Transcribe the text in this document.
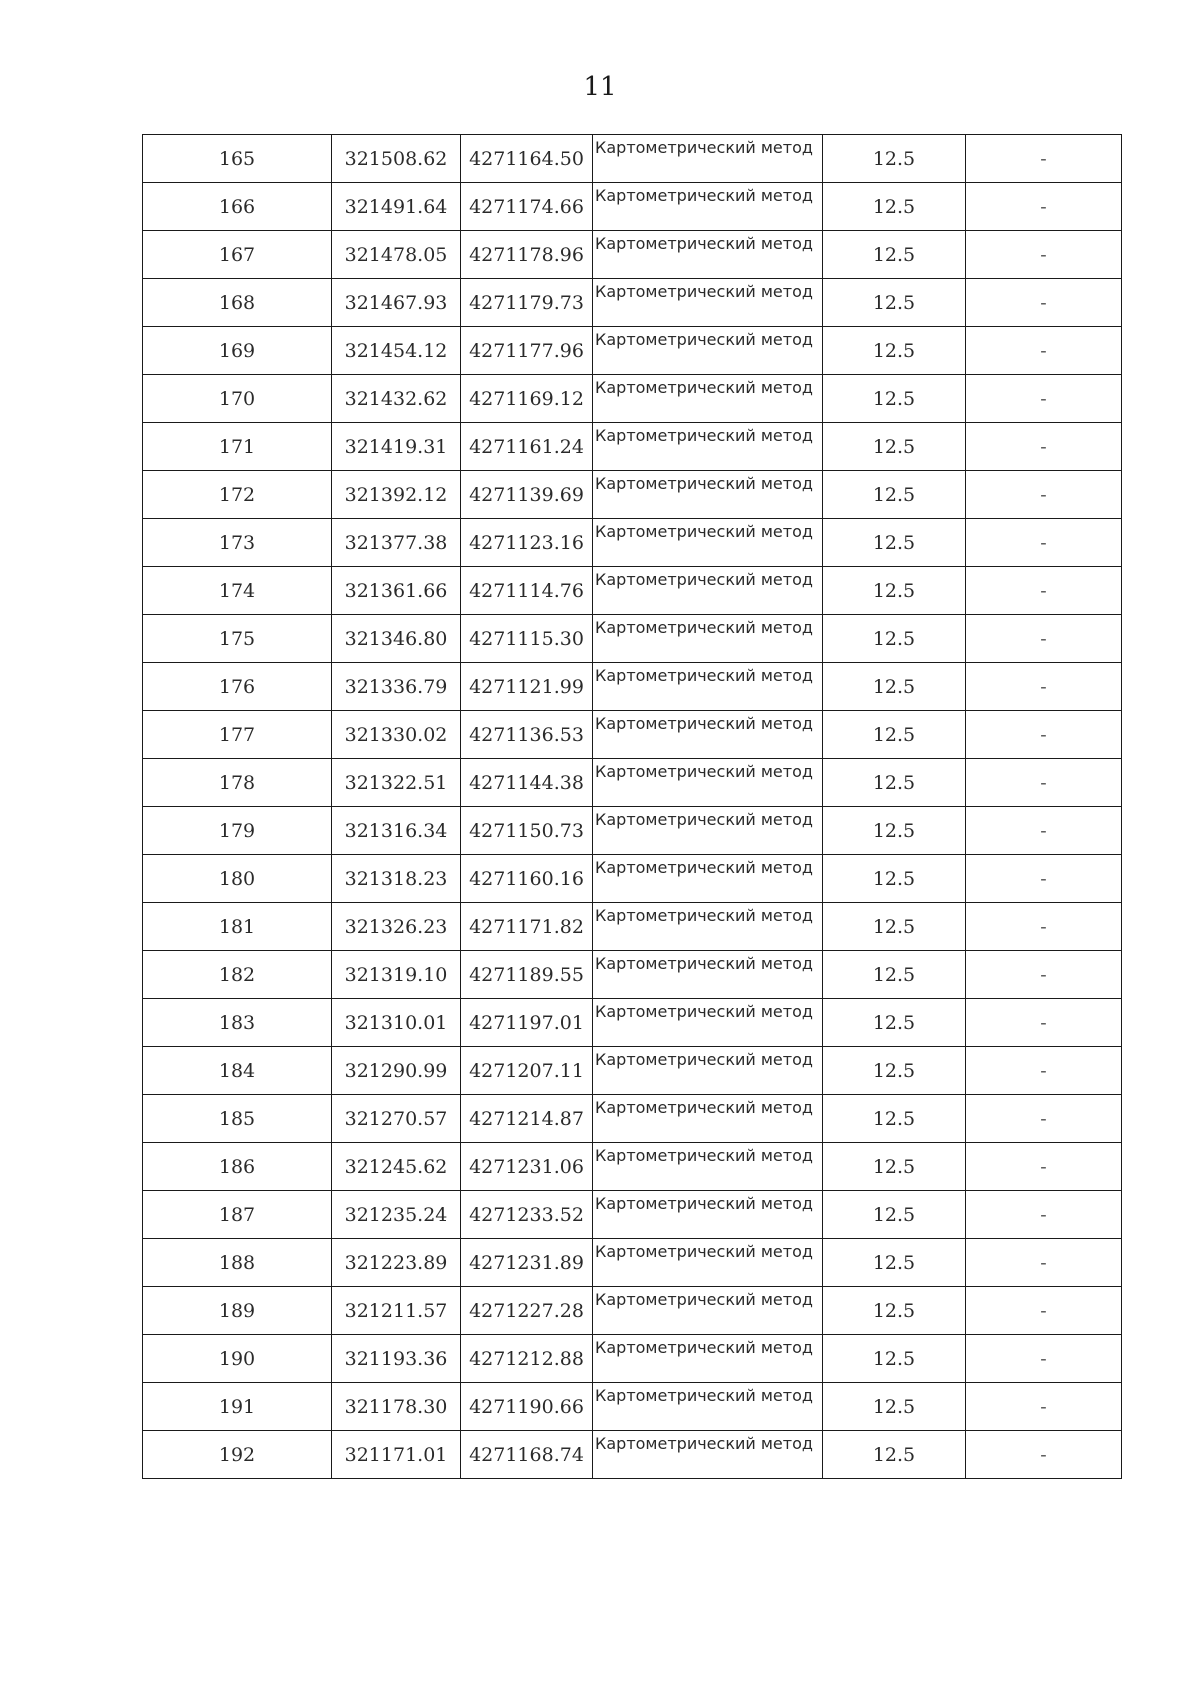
11
165	321508.62	4271164.50	Картометрический метод	12.5	-
166	321491.64	4271174.66	Картометрический метод	12.5	-
167	321478.05	4271178.96	Картометрический метод	12.5	-
168	321467.93	4271179.73	Картометрический метод	12.5	-
169	321454.12	4271177.96	Картометрический метод	12.5	-
170	321432.62	4271169.12	Картометрический метод	12.5	-
171	321419.31	4271161.24	Картометрический метод	12.5	-
172	321392.12	4271139.69	Картометрический метод	12.5	-
173	321377.38	4271123.16	Картометрический метод	12.5	-
174	321361.66	4271114.76	Картометрический метод	12.5	-
175	321346.80	4271115.30	Картометрический метод	12.5	-
176	321336.79	4271121.99	Картометрический метод	12.5	-
177	321330.02	4271136.53	Картометрический метод	12.5	-
178	321322.51	4271144.38	Картометрический метод	12.5	-
179	321316.34	4271150.73	Картометрический метод	12.5	-
180	321318.23	4271160.16	Картометрический метод	12.5	-
181	321326.23	4271171.82	Картометрический метод	12.5	-
182	321319.10	4271189.55	Картометрический метод	12.5	-
183	321310.01	4271197.01	Картометрический метод	12.5	-
184	321290.99	4271207.11	Картометрический метод	12.5	-
185	321270.57	4271214.87	Картометрический метод	12.5	-
186	321245.62	4271231.06	Картометрический метод	12.5	-
187	321235.24	4271233.52	Картометрический метод	12.5	-
188	321223.89	4271231.89	Картометрический метод	12.5	-
189	321211.57	4271227.28	Картометрический метод	12.5	-
190	321193.36	4271212.88	Картометрический метод	12.5	-
191	321178.30	4271190.66	Картометрический метод	12.5	-
192	321171.01	4271168.74	Картометрический метод	12.5	-
